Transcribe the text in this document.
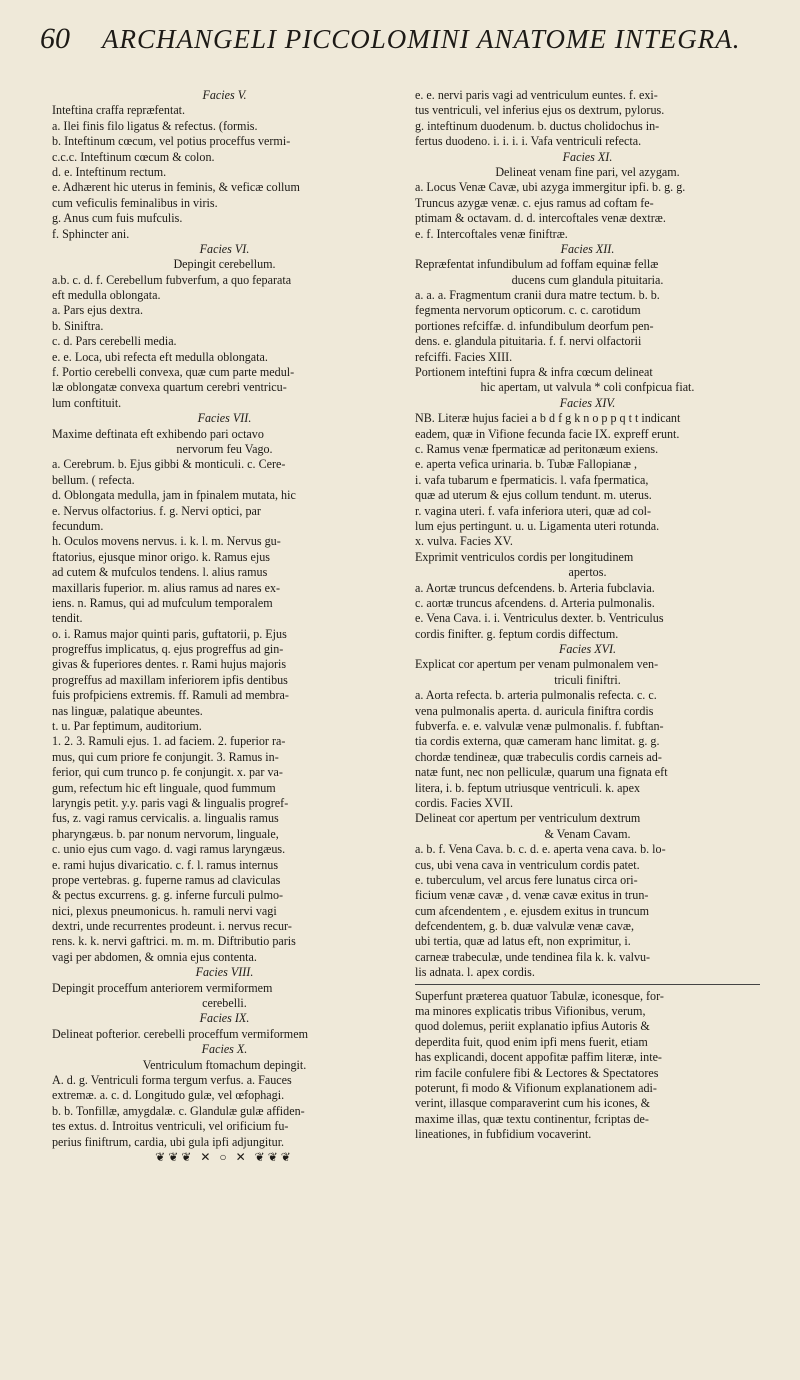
60 ARCHANGELI PICCOLOMINI ANATOME INTEGRA.
Facies V.
Inteftina craffa repræfentat.
a. Ilei finis filo ligatus & refectus. (formis.
b. Inteftinum cœcum, vel potius proceffus vermi-
c.c.c. Inteftinum cœcum & colon.
d. e. Inteftinum rectum.
e. Adhærent hic uterus in feminis, & veficæ collum
cum veficulis feminalibus in viris.
g. Anus cum fuis mufculis.
f. Sphincter ani.
Facies VI.
Depingit cerebellum.
a.b. c. d. f. Cerebellum fubverfum, a quo feparata
eft medulla oblongata.
a. Pars ejus dextra.
b. Siniftra.
c. d. Pars cerebelli media.
e. e. Loca, ubi refecta eft medulla oblongata.
f. Portio cerebelli convexa, quæ cum parte medul-
læ oblongatæ convexa quartum cerebri ventricu-
lum conftituit.
Facies VII.
Maxime deftinata eft exhibendo pari octavo
nervorum feu Vago.
a. Cerebrum. b. Ejus gibbi & monticuli. c. Cere-
bellum. ( refecta.
d. Oblongata medulla, jam in fpinalem mutata, hic
e. Nervus olfactorius. f. g. Nervi optici, par
fecundum.
h. Oculos movens nervus. i. k. l. m. Nervus gu-
ftatorius, ejusque minor origo. k. Ramus ejus
ad cutem & mufculos tendens. l. alius ramus
maxillaris fuperior. m. alius ramus ad nares ex-
iens. n. Ramus, qui ad mufculum temporalem
tendit.
o. i. Ramus major quinti paris, guftatorii, p. Ejus
progreffus implicatus, q. ejus progreffus ad gin-
givas & fuperiores dentes. r. Rami hujus majoris
progreffus ad maxillam inferiorem ipfis dentibus
fuis profpiciens extremis. ff. Ramuli ad membra-
nas linguæ, palatique abeuntes.
t. u. Par feptimum, auditorium.
1. 2. 3. Ramuli ejus. 1. ad faciem. 2. fuperior ra-
mus, qui cum priore fe conjungit. 3. Ramus in-
ferior, qui cum trunco p. fe conjungit. x. par va-
gum, refectum hic eft linguale, quod fummum
laryngis petit. y.y. paris vagi & lingualis progref-
fus, z. vagi ramus cervicalis. a. lingualis ramus
pharyngæus. b. par nonum nervorum, linguale,
c. unio ejus cum vago. d. vagi ramus laryngæus.
e. rami hujus divaricatio. c. f. l. ramus internus
prope vertebras. g. fuperne ramus ad claviculas
& pectus excurrens. g. g. inferne furculi pulmo-
nici, plexus pneumonicus. h. ramuli nervi vagi
dextri, unde recurrentes prodeunt. i. nervus recur-
rens. k. k. nervi gaftrici. m. m. m. Diftributio paris
vagi per abdomen, & omnia ejus contenta.
Facies VIII.
Depingit proceffum anteriorem vermiformem
cerebelli.
Facies IX.
Delineat pofterior. cerebelli proceffum vermiformem
Facies X.
Ventriculum ftomachum depingit.
A. d. g. Ventriculi forma tergum verfus. a. Fauces
extremæ. a. c. d. Longitudo gulæ, vel œfophagi.
b. b. Tonfillæ, amygdalæ. c. Glandulæ gulæ affiden-
tes extus. d. Introitus ventriculi, vel orificium fu-
perius finiftrum, cardia, ubi gula ipfi adjungitur.
❦❦❦ ✕ ○ ✕ ❦❦❦
e. e. nervi paris vagi ad ventriculum euntes. f. exi-
tus ventriculi, vel inferius ejus os dextrum, pylorus.
g. inteftinum duodenum. b. ductus cholidochus in-
fertus duodeno. i. i. i. i. Vafa ventriculi refecta.
Facies XI.
Delineat venam fine pari, vel azygam.
a. Locus Venæ Cavæ, ubi azyga immergitur ipfi. b. g. g.
Truncus azygæ venæ. c. ejus ramus ad coftam fe-
ptimam & octavam. d. d. intercoftales venæ dextræ.
e. f. Intercoftales venæ finiftræ.
Facies XII.
Repræfentat infundibulum ad foffam equinæ fellæ
ducens cum glandula pituitaria.
a. a. a. Fragmentum cranii dura matre tectum. b. b.
fegmenta nervorum opticorum. c. c. carotidum
portiones refciffæ. d. infundibulum deorfum pen-
dens. e. glandula pituitaria. f. f. nervi olfactorii
refciffi. Facies XIII.
Portionem inteftini fupra & infra cœcum delineat
hic apertam, ut valvula * coli confpicua fiat.
Facies XIV.
NB. Literæ hujus faciei a b d f g k n o p p q t t indicant
eadem, quæ in Vifione fecunda facie IX. expreff erunt.
c. Ramus venæ fpermaticæ ad peritonæum exiens.
e. aperta vefica urinaria. b. Tubæ Fallopianæ ,
i. vafa tubarum e fpermaticis. l. vafa fpermatica,
quæ ad uterum & ejus collum tendunt. m. uterus.
r. vagina uteri. f. vafa inferiora uteri, quæ ad col-
lum ejus pertingunt. u. u. Ligamenta uteri rotunda.
x. vulva. Facies XV.
Exprimit ventriculos cordis per longitudinem
apertos.
a. Aortæ truncus defcendens. b. Arteria fubclavia.
c. aortæ truncus afcendens. d. Arteria pulmonalis.
e. Vena Cava. i. i. Ventriculus dexter. b. Ventriculus
cordis finifter. g. feptum cordis diffectum.
Facies XVI.
Explicat cor apertum per venam pulmonalem ven-
triculi finiftri.
a. Aorta refecta. b. arteria pulmonalis refecta. c. c.
vena pulmonalis aperta. d. auricula finiftra cordis
fubverfa. e. e. valvulæ venæ pulmonalis. f. fubftan-
tia cordis externa, quæ cameram hanc limitat. g. g.
chordæ tendineæ, quæ trabeculis cordis carneis ad-
natæ funt, nec non pelliculæ, quarum una fignata eft
litera, i. b. feptum utriusque ventriculi. k. apex
cordis. Facies XVII.
Delineat cor apertum per ventriculum dextrum
& Venam Cavam.
a. b. f. Vena Cava. b. c. d. e. aperta vena cava. b. lo-
cus, ubi vena cava in ventriculum cordis patet.
e. tuberculum, vel arcus fere lunatus circa ori-
ficium venæ cavæ , d. venæ cavæ exitus in trun-
cum afcendentem , e. ejusdem exitus in truncum
defcendentem, g. b. duæ valvulæ venæ cavæ,
ubi tertia, quæ ad latus eft, non exprimitur, i.
carneæ trabeculæ, unde tendinea fila k. k. valvu-
lis adnata. l. apex cordis.
Superfunt præterea quatuor Tabulæ, iconesque, for-
ma minores explicatis tribus Vifionibus, verum,
quod dolemus, periit explanatio ipfius Autoris &
deperdita fuit, quod enim ipfi mens fuerit, etiam
has explicandi, docent appofitæ paffim literæ, inte-
rim facile confulere fibi & Lectores & Spectatores
poterunt, fi modo & Vifionum explanationem adi-
verint, illasque comparaverint cum his icones, &
maxime illas, quæ textu continentur, fcriptas de-
lineationes, in fubfidium vocaverint.
